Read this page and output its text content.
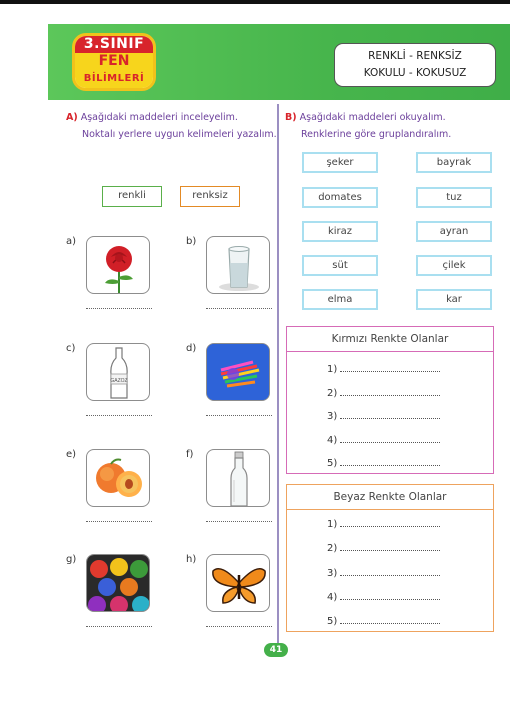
3.SINIF
FEN
BİLİMLERİ
RENKLİ - RENKSİZ
KOKULU - KOKUSUZ
A) Aşağıdaki maddeleri inceleyelim.
Noktalı yerlere uygun kelimeleri yazalım.
renkli	renksiz
a)	b)
c)
GAZOZ
d)
e)	f)
g)	h)
B) Aşağıdaki maddeleri okuyalım.
Renklerine göre gruplandıralım.
şeker	bayrak
domates	tuz
kiraz	ayran
süt	çilek
elma	kar
Kırmızı Renkte Olanlar
1)
2)
3)
4)
5)
Beyaz Renkte Olanlar
1)
2)
3)
4)
5)
41
